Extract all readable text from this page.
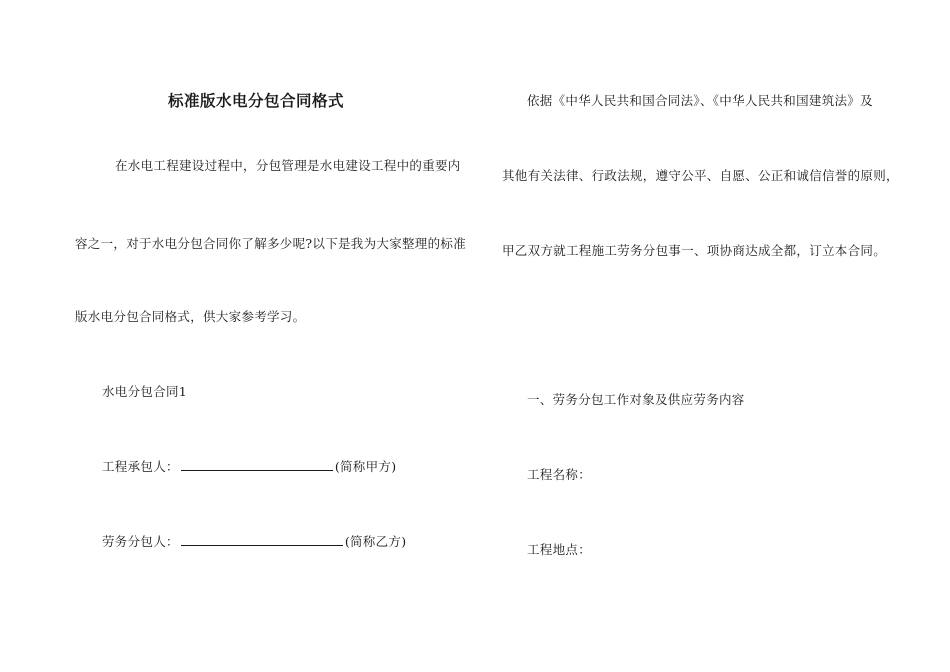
标准版水电分包合同格式
在水电工程建设过程中，分包管理是水电建设工程中的重要内
容之一，对于水电分包合同你了解多少呢?以下是我为大家整理的标准
版水电分包合同格式，供大家参考学习。
水电分包合同1
工程承包人：	(简称甲方)
劳务分包人：	(简称乙方)
依据《中华人民共和国合同法》、《中华人民共和国建筑法》及
其他有关法律、行政法规，遵守公平、自愿、公正和诚信信誉的原则，
甲乙双方就工程施工劳务分包事一、项协商达成全都，订立本合同。
一、劳务分包工作对象及供应劳务内容
工程名称：
工程地点：
